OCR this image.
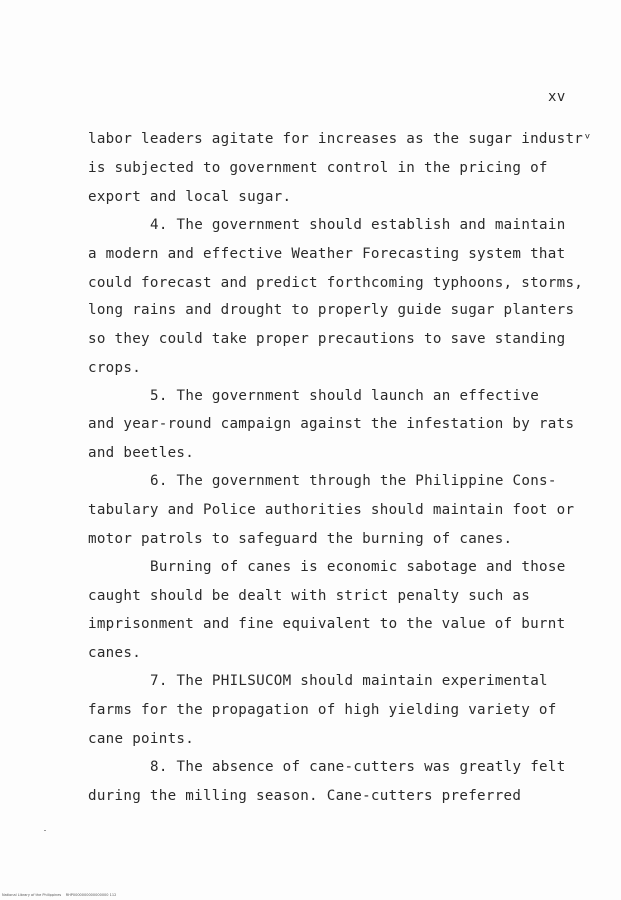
xv
labor leaders agitate for increases as the sugar industrᵛ
is subjected to government control in the pricing of
export and local sugar.
4. The government should establish and maintain
a modern and effective Weather Forecasting system that
could forecast and predict forthcoming typhoons, storms,
long rains and drought to properly guide sugar planters
so they could take proper precautions to save standing
crops.
5. The government should launch an effective
and year-round campaign against the infestation by rats
and beetles.
6. The government through the Philippine Cons-
tabulary and Police authorities should maintain foot or
motor patrols to safeguard the burning of canes.
Burning of canes is economic sabotage and those
caught should be dealt with strict penalty such as
imprisonment and fine equivalent to the value of burnt
canes.
7. The PHILSUCOM should maintain experimental
farms for the propagation of high yielding variety of
cane points.
8. The absence of cane-cutters was greatly felt
during the milling season. Cane-cutters preferred
National Library of the Philippines    RHP0000000000000000 112
